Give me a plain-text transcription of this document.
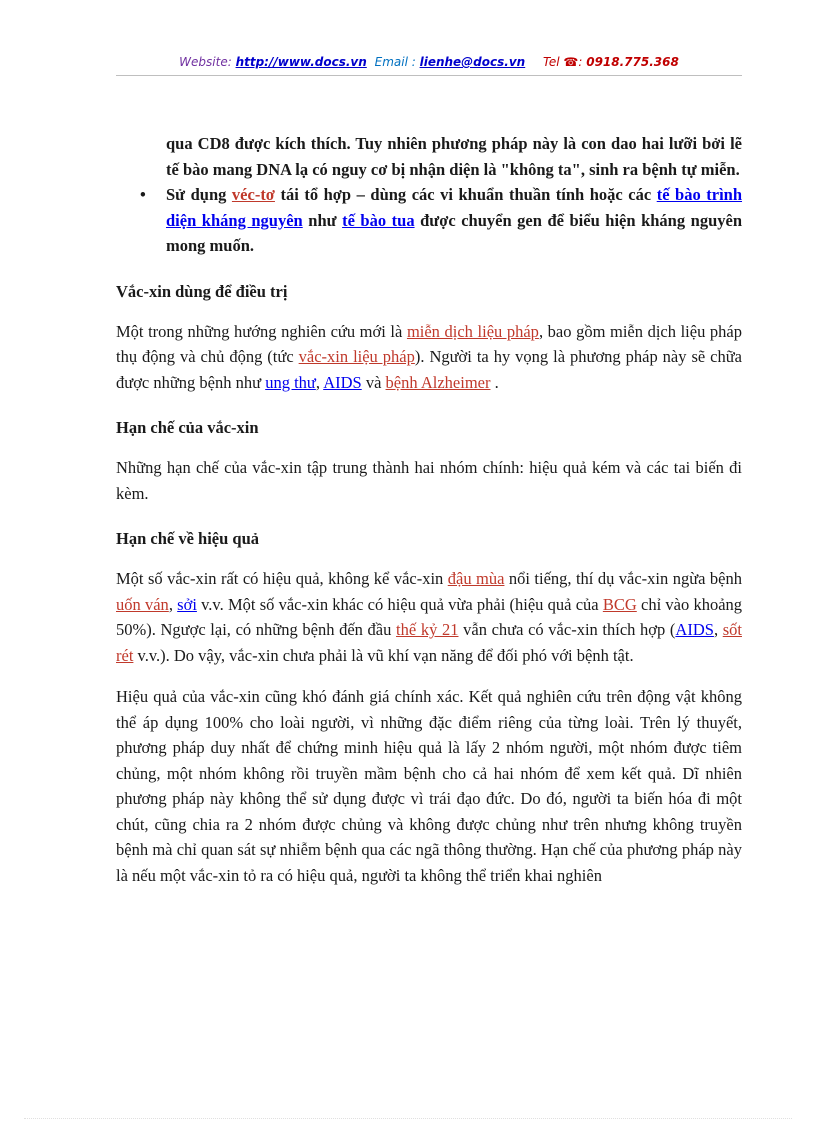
Website: http://www.docs.vn Email : lienhe@docs.vn Tel ☎: 0918.775.368
qua CD8 được kích thích. Tuy nhiên phương pháp này là con dao hai lưỡi bởi lẽ tế bào mang DNA lạ có nguy cơ bị nhận diện là "không ta", sinh ra bệnh tự miễn.
• Sử dụng véc-tơ tái tổ hợp – dùng các vi khuẩn thuần tính hoặc các tế bào trình diện kháng nguyên như tế bào tua được chuyển gen để biểu hiện kháng nguyên mong muốn.
Vắc-xin dùng để điều trị
Một trong những hướng nghiên cứu mới là miễn dịch liệu pháp, bao gồm miễn dịch liệu pháp thụ động và chủ động (tức vắc-xin liệu pháp). Người ta hy vọng là phương pháp này sẽ chữa được những bệnh như ung thư, AIDS và bệnh Alzheimer .
Hạn chế của vắc-xin
Những hạn chế của vắc-xin tập trung thành hai nhóm chính: hiệu quả kém và các tai biến đi kèm.
Hạn chế về hiệu quả
Một số vắc-xin rất có hiệu quả, không kể vắc-xin đậu mùa nổi tiếng, thí dụ vắc-xin ngừa bệnh uốn ván, sởi v.v. Một số vắc-xin khác có hiệu quả vừa phải (hiệu quả của BCG chỉ vào khoảng 50%). Ngược lại, có những bệnh đến đầu thế kỷ 21 vẫn chưa có vắc-xin thích hợp (AIDS, sốt rét v.v.). Do vậy, vắc-xin chưa phải là vũ khí vạn năng để đối phó với bệnh tật.
Hiệu quả của vắc-xin cũng khó đánh giá chính xác. Kết quả nghiên cứu trên động vật không thể áp dụng 100% cho loài người, vì những đặc điểm riêng của từng loài. Trên lý thuyết, phương pháp duy nhất để chứng minh hiệu quả là lấy 2 nhóm người, một nhóm được tiêm chủng, một nhóm không rồi truyền mầm bệnh cho cả hai nhóm để xem kết quả. Dĩ nhiên phương pháp này không thể sử dụng được vì trái đạo đức. Do đó, người ta biến hóa đi một chút, cũng chia ra 2 nhóm được chủng và không được chủng như trên nhưng không truyền bệnh mà chỉ quan sát sự nhiễm bệnh qua các ngã thông thường. Hạn chế của phương pháp này là nếu một vắc-xin tỏ ra có hiệu quả, người ta không thể triển khai nghiên
